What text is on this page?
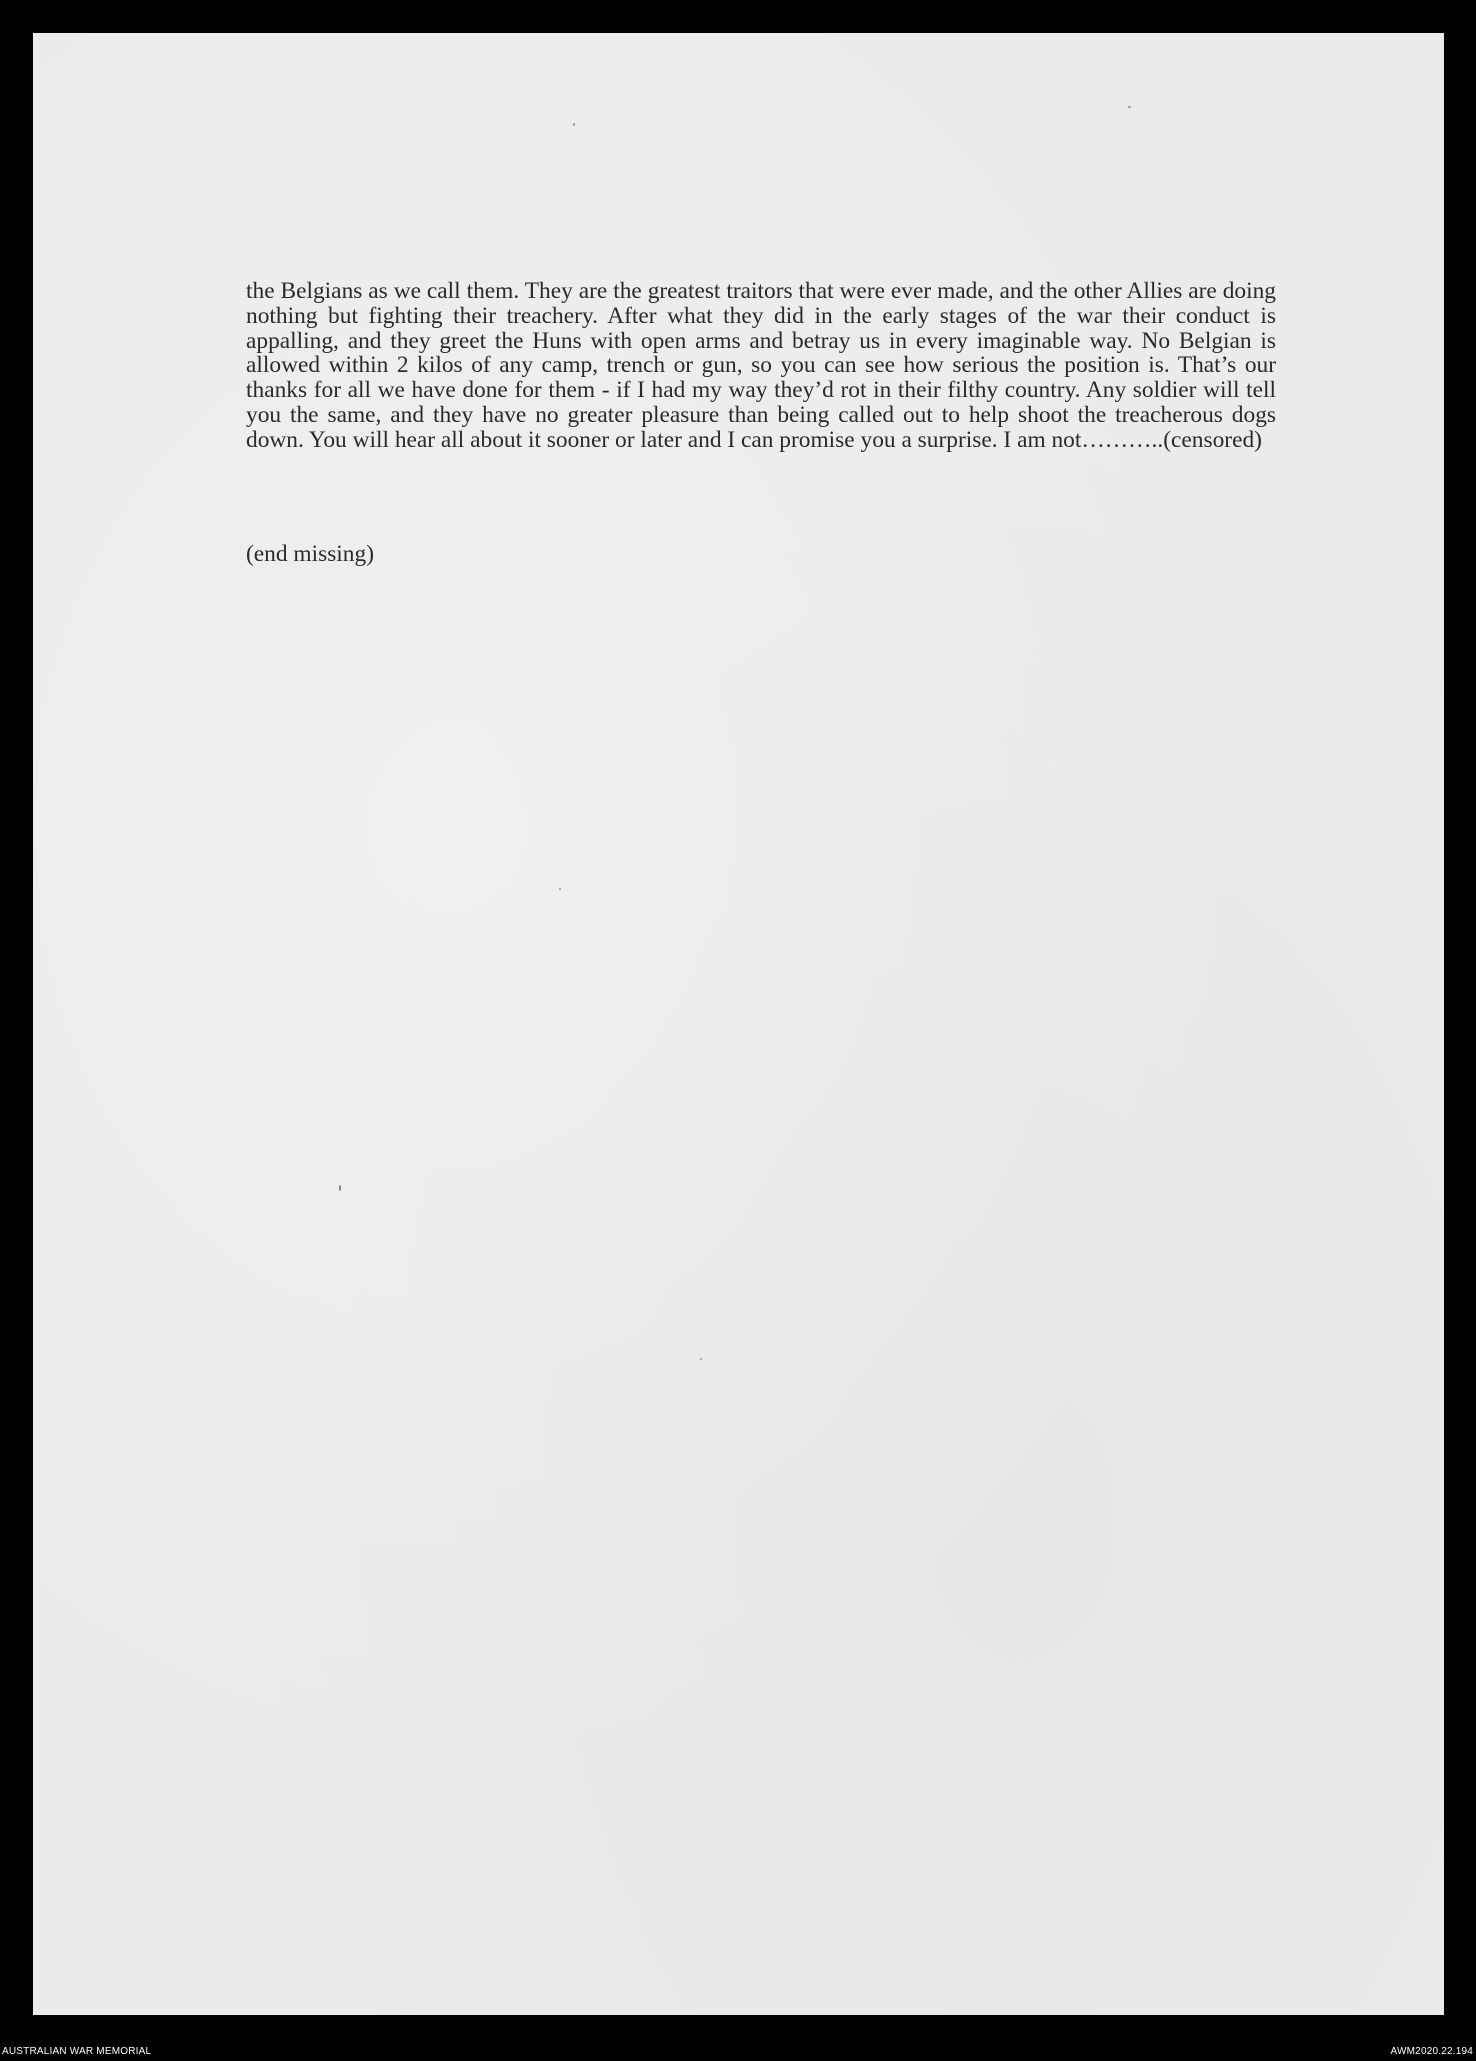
the Belgians as we call them. They are the greatest traitors that were ever made, and the other Allies are doing nothing but fighting their treachery. After what they did in the early stages of the war their conduct is appalling, and they greet the Huns with open arms and betray us in every imaginable way. No Belgian is allowed within 2 kilos of any camp, trench or gun, so you can see how serious the position is. That’s our thanks for all we have done for them - if I had my way they’d rot in their filthy country. Any soldier will tell you the same, and they have no greater pleasure than being called out to help shoot the treacherous dogs down. You will hear all about it sooner or later and I can promise you a surprise. I am not………..(censored)

(end missing)

AUSTRALIAN WAR MEMORIAL	AWM2020.22.194
